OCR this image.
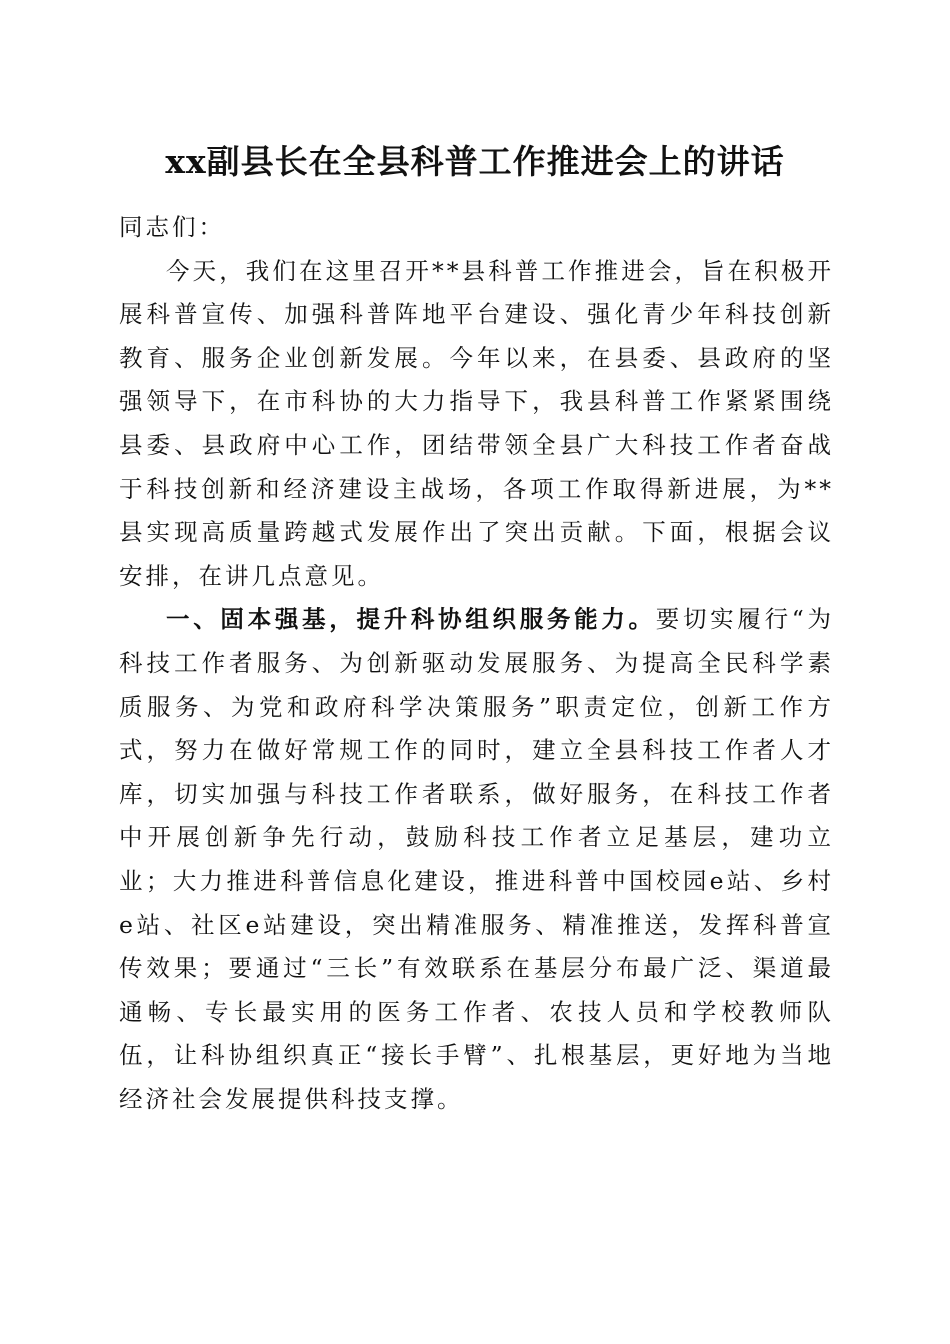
xx副县长在全县科普工作推进会上的讲话

同志们：

今天，我们在这里召开**县科普工作推进会，旨在积极开展科普宣传、加强科普阵地平台建设、强化青少年科技创新教育、服务企业创新发展。今年以来，在县委、县政府的坚强领导下，在市科协的大力指导下，我县科普工作紧紧围绕县委、县政府中心工作，团结带领全县广大科技工作者奋战于科技创新和经济建设主战场，各项工作取得新进展，为**县实现高质量跨越式发展作出了突出贡献。下面，根据会议安排，在讲几点意见。

一、固本强基，提升科协组织服务能力。要切实履行“为科技工作者服务、为创新驱动发展服务、为提高全民科学素质服务、为党和政府科学决策服务”职责定位，创新工作方式，努力在做好常规工作的同时，建立全县科技工作者人才库，切实加强与科技工作者联系，做好服务，在科技工作者中开展创新争先行动，鼓励科技工作者立足基层，建功立业；大力推进科普信息化建设，推进科普中国校园e站、乡村e站、社区e站建设，突出精准服务、精准推送，发挥科普宣传效果；要通过“三长”有效联系在基层分布最广泛、渠道最通畅、专长最实用的医务工作者、农技人员和学校教师队伍，让科协组织真正“接长手臂”、扎根基层，更好地为当地经济社会发展提供科技支撑。
